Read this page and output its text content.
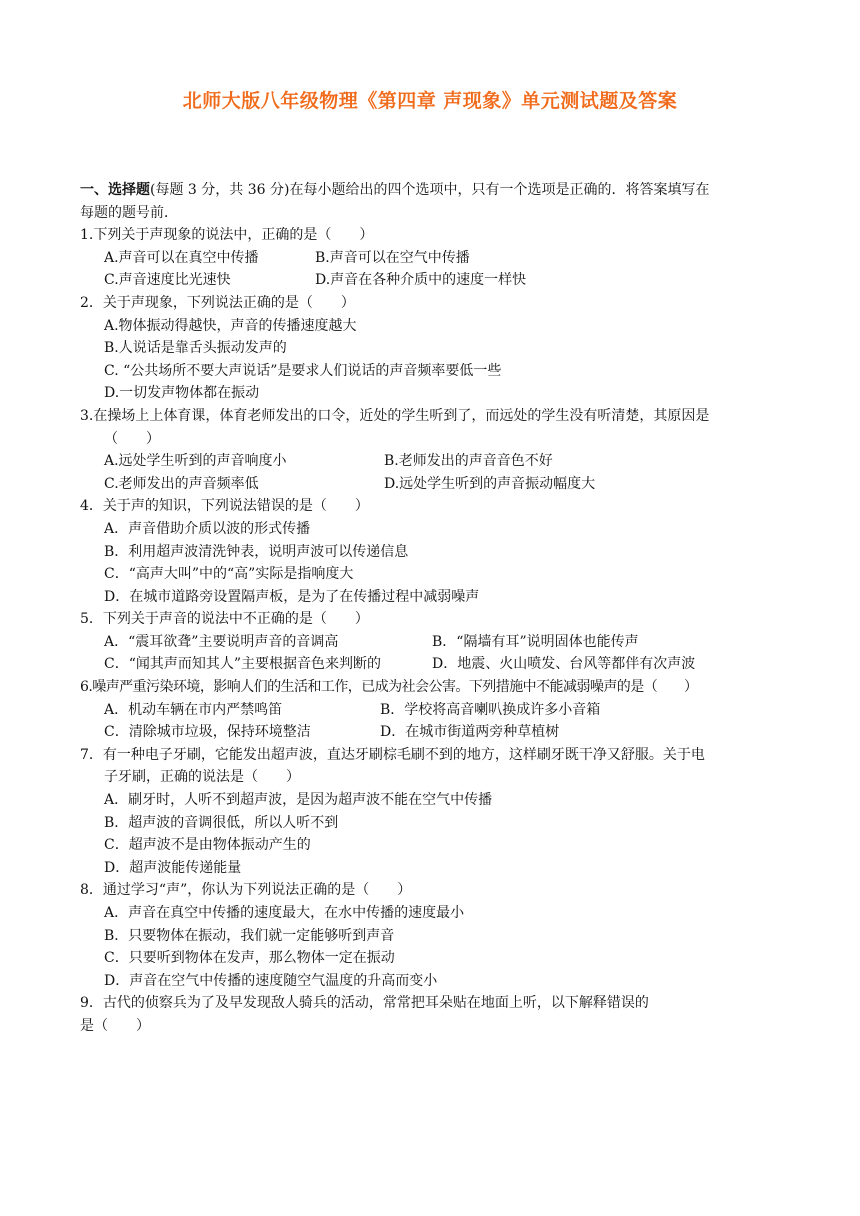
北师大版八年级物理《第四章 声现象》单元测试题及答案
一、选择题(每题 3 分，共 36 分)在每小题给出的四个选项中，只有一个选项是正确的．将答案填写在
每题的题号前．
1.下列关于声现象的说法中，正确的是（　　）
A.声音可以在真空中传播	B.声音可以在空气中传播
C.声音速度比光速快	D.声音在各种介质中的速度一样快
2．关于声现象，下列说法正确的是（　　）
A.物体振动得越快，声音的传播速度越大
B.人说话是靠舌头振动发声的
C. “公共场所不要大声说话”是要求人们说话的声音频率要低一些
D.一切发声物体都在振动
3.在操场上上体育课，体育老师发出的口令，近处的学生听到了，而远处的学生没有听清楚，其原因是
（　　）
A.远处学生听到的声音响度小	B.老师发出的声音音色不好
C.老师发出的声音频率低	D.远处学生听到的声音振动幅度大
4．关于声的知识，下列说法错误的是（　　）
A．声音借助介质以波的形式传播
B．利用超声波清洗钟表，说明声波可以传递信息
C．“高声大叫”中的“高”实际是指响度大
D．在城市道路旁设置隔声板，是为了在传播过程中减弱噪声
5．下列关于声音的说法中不正确的是（　　）
A．“震耳欲聋”主要说明声音的音调高	B．“隔墙有耳”说明固体也能传声
C．“闻其声而知其人”主要根据音色来判断的	D．地震、火山喷发、台风等都伴有次声波
6.噪声严重污染环境，影响人们的生活和工作，已成为社会公害。下列措施中不能减弱噪声的是（　　）
A．机动车辆在市内严禁鸣笛	B．学校将高音喇叭换成许多小音箱
C．清除城市垃圾，保持环境整洁	D．在城市街道两旁种草植树
7．有一种电子牙刷，它能发出超声波，直达牙刷棕毛刷不到的地方，这样刷牙既干净又舒服。关于电
子牙刷，正确的说法是（　　）
A．刷牙时，人听不到超声波，是因为超声波不能在空气中传播
B．超声波的音调很低，所以人听不到
C．超声波不是由物体振动产生的
D．超声波能传递能量
8．通过学习“声”，你认为下列说法正确的是（　　）
A．声音在真空中传播的速度最大，在水中传播的速度最小
B．只要物体在振动，我们就一定能够听到声音
C．只要听到物体在发声，那么物体一定在振动
D．声音在空气中传播的速度随空气温度的升高而变小
9．古代的侦察兵为了及早发现敌人骑兵的活动，常常把耳朵贴在地面上听，以下解释错误的
是（　　）
